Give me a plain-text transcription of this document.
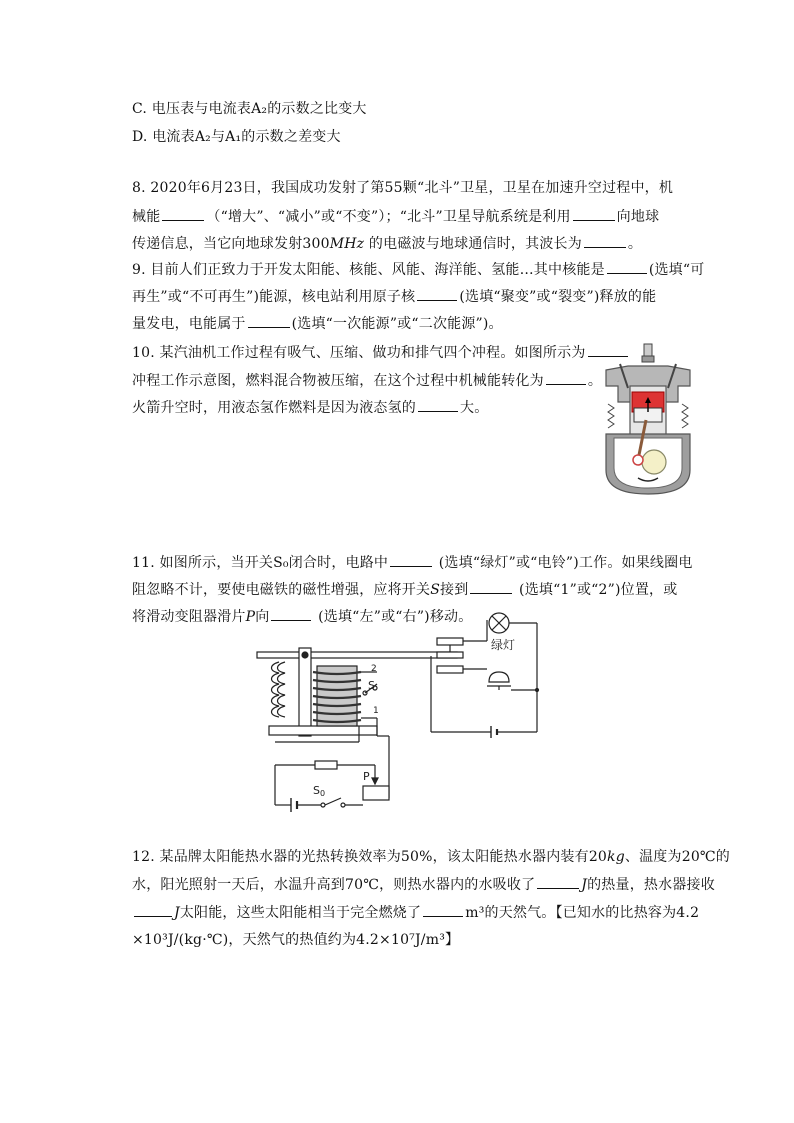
C. 电压表与电流表A₂的示数之比变大
D. 电流表A₂与A₁的示数之差变大
8. 2020年6月23日，我国成功发射了第55颗“北斗”卫星，卫星在加速升空过程中，机
械能	（“增大”、“减小”或“不变”）；“北斗”卫星导航系统是利用	向地球
传递信息，当它向地球发射300MHz 的电磁波与地球通信时，其波长为	。
9. 目前人们正致力于开发太阳能、核能、风能、海洋能、氢能…其中核能是	(选填“可
再生”或“不可再生”)能源，核电站利用原子核	(选填“聚变”或“裂变”)释放的能
量发电，电能属于	(选填“一次能源”或“二次能源”)。
10. 某汽油机工作过程有吸气、压缩、做功和排气四个冲程。如图所示为
冲程工作示意图，燃料混合物被压缩，在这个过程中机械能转化为	。
火箭升空时，用液态氢作燃料是因为液态氢的	大。
11. 如图所示，当开关S₀闭合时，电路中	(选填“绿灯”或“电铃”)工作。如果线圈电
阻忽略不计，要使电磁铁的磁性增强，应将开关S接到	(选填“1”或“2”)位置，或
将滑动变阻器滑片P向	(选填“左”或“右”)移动。
2
S
1
P
S0
绿灯
12. 某品牌太阳能热水器的光热转换效率为50%，该太阳能热水器内装有20kg、温度为20℃的
水，阳光照射一天后，水温升高到70℃，则热水器内的水吸收了	J的热量，热水器接收
J太阳能，这些太阳能相当于完全燃烧了	m³的天然气。【已知水的比热容为4.2
×10³J/(kg·℃)，天然气的热值约为4.2×10⁷J/m³】
